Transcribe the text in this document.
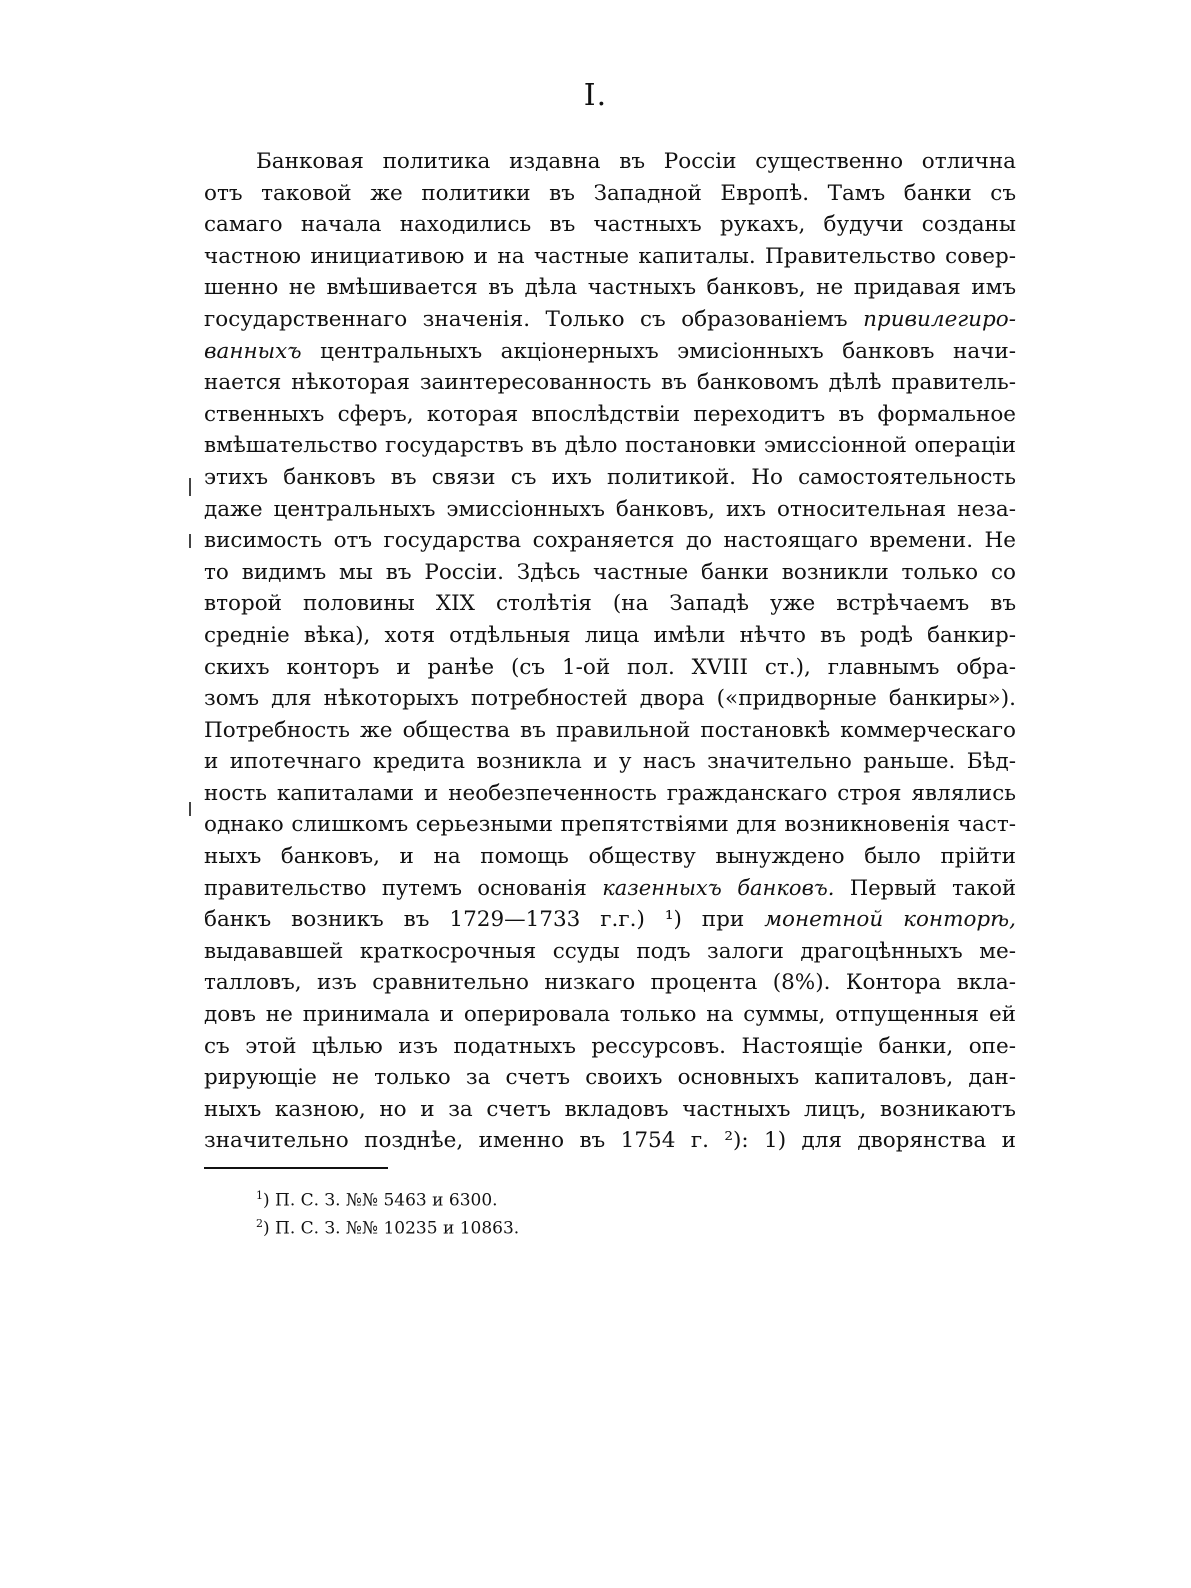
I.
Банковая политика издавна въ Россіи существенно отлична
отъ таковой же политики въ Западной Европѣ. Тамъ банки съ
самаго начала находились въ частныхъ рукахъ, будучи созданы
частною инициативою и на частные капиталы. Правительство совер-
шенно не вмѣшивается въ дѣла частныхъ банковъ, не придавая имъ
государственнаго значенія. Только съ образованіемъ привилегиро-
ванныхъ центральныхъ акціонерныхъ эмисіонныхъ банковъ начи-
нается нѣкоторая заинтересованность въ банковомъ дѣлѣ правитель-
ственныхъ сферъ, которая впослѣдствіи переходитъ въ формальное
вмѣшательство государствъ въ дѣло постановки эмиссіонной операціи
этихъ банковъ въ связи съ ихъ политикой. Но самостоятельность
даже центральныхъ эмиссіонныхъ банковъ, ихъ относительная неза-
висимость отъ государства сохраняется до настоящаго времени. Не
то видимъ мы въ Россіи. Здѣсь частные банки возникли только со
второй половины XIX столѣтія (на Западѣ уже встрѣчаемъ въ
средніе вѣка), хотя отдѣльныя лица имѣли нѣчто въ родѣ банкир-
скихъ конторъ и ранѣе (съ 1-ой пол. XVIII ст.), главнымъ обра-
зомъ для нѣкоторыхъ потребностей двора («придворные банкиры»).
Потребность же общества въ правильной постановкѣ коммерческаго
и ипотечнаго кредита возникла и у насъ значительно раньше. Бѣд-
ность капиталами и необезпеченность гражданскаго строя являлись
однако слишкомъ серьезными препятствіями для возникновенія част-
ныхъ банковъ, и на помощь обществу вынуждено было прійти
правительство путемъ основанія казенныхъ банковъ. Первый такой
банкъ возникъ въ 1729—1733 г.г.) ¹) при монетной конторѣ,
выдававшей краткосрочныя ссуды подъ залоги драгоцѣнныхъ ме-
талловъ, изъ сравнительно низкаго процента (8%). Контора вкла-
довъ не принимала и оперировала только на суммы, отпущенныя ей
съ этой цѣлью изъ податныхъ рессурсовъ. Настоящіе банки, опе-
рирующіе не только за счетъ своихъ основныхъ капиталовъ, дан-
ныхъ казною, но и за счетъ вкладовъ частныхъ лицъ, возникаютъ
значительно позднѣе, именно въ 1754 г. ²): 1) для дворянства и
$^1$) П. С. З. №№ 5463 и 6300.
$^2$) П. С. З. №№ 10235 и 10863.
